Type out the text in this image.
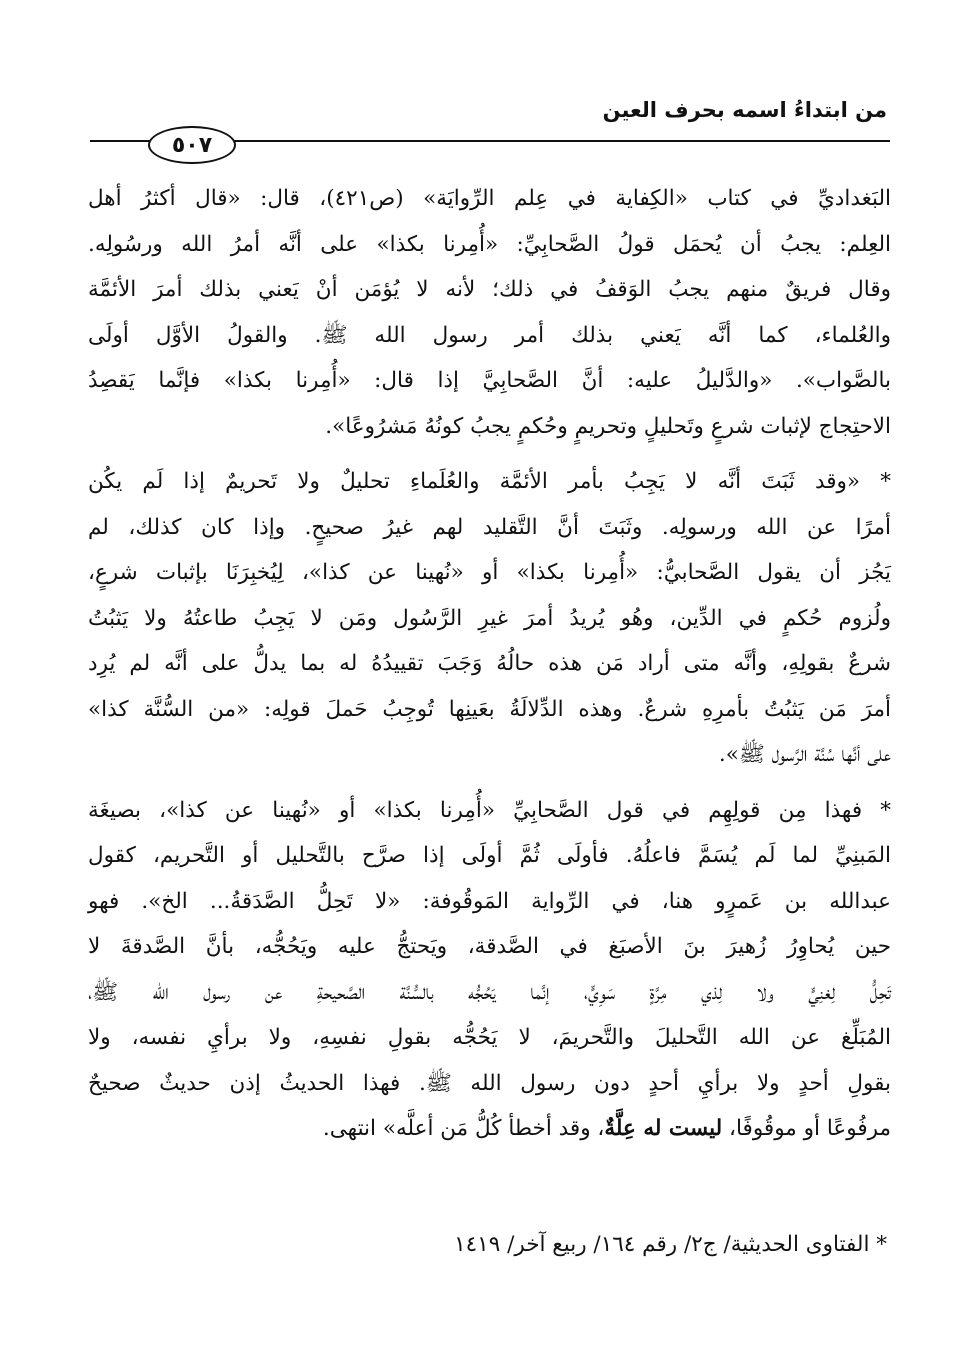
من ابتداءُ اسمه بحرف العين
٥٠٧
البَغداديِّ في كتاب «الكِفاية في عِلم الرِّوايَة» (ص٤٢١)، قال: «قال أكثرُ أهل
العِلم: يجبُ أن يُحمَل قولُ الصَّحابِيِّ: «أُمِرنا بكذا» على أنَّه أمرُ الله ورسُولِه.
وقال فريقٌ منهم يجبُ الوَقفُ في ذلك؛ لأنه لا يُؤمَن أنْ يَعني بذلك أمرَ الأئمَّة
والعُلماء، كما أنَّه يَعني بذلك أمر رسول الله ﷺ. والقولُ الأوَّل أولَى
بالصَّواب». «والدَّليلُ عليه: أنَّ الصَّحابِيَّ إذا قال: «أُمِرنا بكذا» فإنَّما يَقصِدُ
الاحتِجاج لإثبات شرعٍ وتَحليلٍ وتحريمٍ وحُكمٍ يجبُ كونُهُ مَشرُوعًا».
* «وقد ثَبَتَ أنَّه لا يَجِبُ بأمر الأئمَّة والعُلَماءِ تحليلٌ ولا تَحريمٌ إذا لَم يكُن
أمرًا عن الله ورسولِه. وثَبَتَ أنَّ التَّقليد لهم غيرُ صحيحٍ. وإذا كان كذلك، لم
يَجُز أن يقول الصَّحابيُّ: «أُمِرنا بكذا» أو «نُهينا عن كذا»، لِيُخبِرَنَا بإثبات شرعٍ،
ولُزوم حُكمٍ في الدِّين، وهُو يُريدُ أمرَ غيرِ الرَّسُول ومَن لا يَجِبُ طاعتُهُ ولا يَثبُتُ
شرعٌ بقولِهِ، وأنَّه متى أراد مَن هذه حالُهُ وَجَبَ تقييدُهُ له بما يدلُّ على أنَّه لم يُرِد
أمرَ مَن يَثبُتُ بأمرِهِ شرعٌ. وهذه الدِّلالَةُ بعَينِها تُوجِبُ حَملَ قولِه: «من السُّنَّة كذا»
على أنَّها سُنَّة الرَّسول ﷺ».
* فهذا مِن قولِهِم في قول الصَّحابِيِّ «أُمِرنا بكذا» أو «نُهينا عن كذا»، بصيغَة
المَبنِيِّ لما لَم يُسَمَّ فاعلُهُ. فأولَى ثُمَّ أولَى إذا صرَّح بالتَّحليل أو التَّحريم، كقول
عبدالله بن عَمرٍو هنا، في الرِّواية المَوقُوفة: «لا تَحِلُّ الصَّدَقةُ... الخ». فهو
حين يُحاوِرُ زُهيرَ بنَ الأصبَغ في الصَّدقة، ويَحتجُّ عليه ويَحُجُّه، بأنَّ الصَّدقةَ لا
تَحِلُّ لِغنِيٍّ ولا لِذي مِرَّةٍ سَوِيٍّ، إنَّما يَحُجُّه بالسُّنَّة الصَّحيحةِ عن رسول الله ﷺ،
المُبَلِّغ عن الله التَّحليلَ والتَّحريمَ، لا يَحُجُّه بقولِ نفسِهِ، ولا برأيِ نفسه، ولا
بقولِ أحدٍ ولا برأيِ أحدٍ دون رسول الله ﷺ. فهذا الحديثُ إذن حديثٌ صحيحٌ
مرفُوعًا أو موقُوفًا، ليست له عِلَّةٌ، وقد أخطأ كُلُّ مَن أعلَّه» انتهى.
* الفتاوى الحديثية/ ج٢/ رقم ١٦٤/ ربيع آخر/ ١٤١٩
